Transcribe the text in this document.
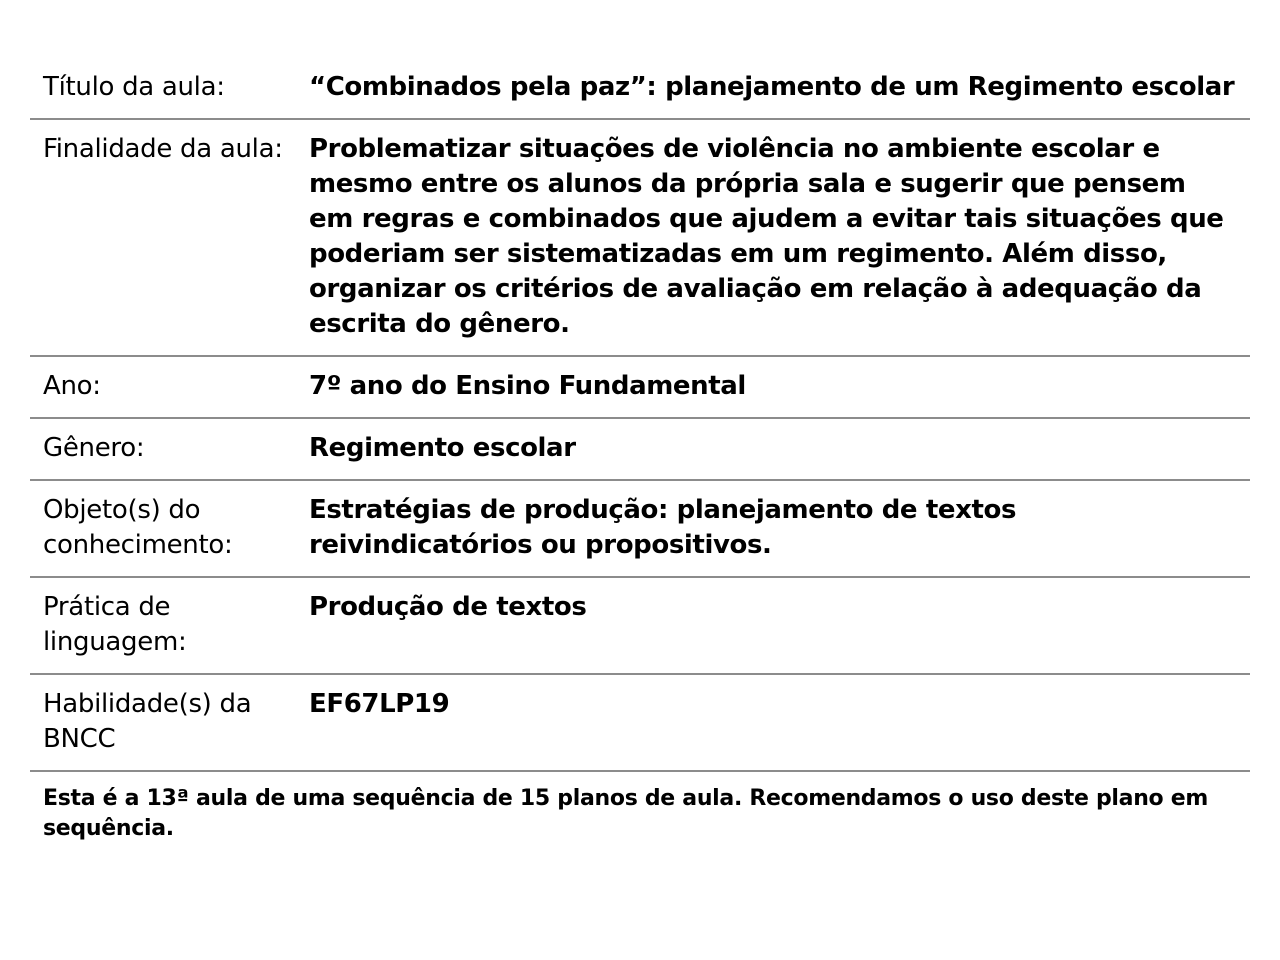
Título da aula:	“Combinados pela paz”: planejamento de um Regimento escolar
Finalidade da aula:	Problematizar situações de violência no ambiente escolar e mesmo entre os alunos da própria sala e sugerir que pensem em regras e combinados que ajudem a evitar tais situações que poderiam ser sistematizadas em um regimento. Além disso, organizar os critérios de avaliação em relação à adequação da escrita do gênero.
Ano:	7º ano do Ensino Fundamental
Gênero:	Regimento escolar
Objeto(s) do conhecimento:	Estratégias de produção: planejamento de textos reivindicatórios ou propositivos.
Prática de linguagem:	Produção de textos
Habilidade(s) da BNCC	EF67LP19
Esta é a 13ª aula de uma sequência de 15 planos de aula. Recomendamos o uso deste plano em sequência.
